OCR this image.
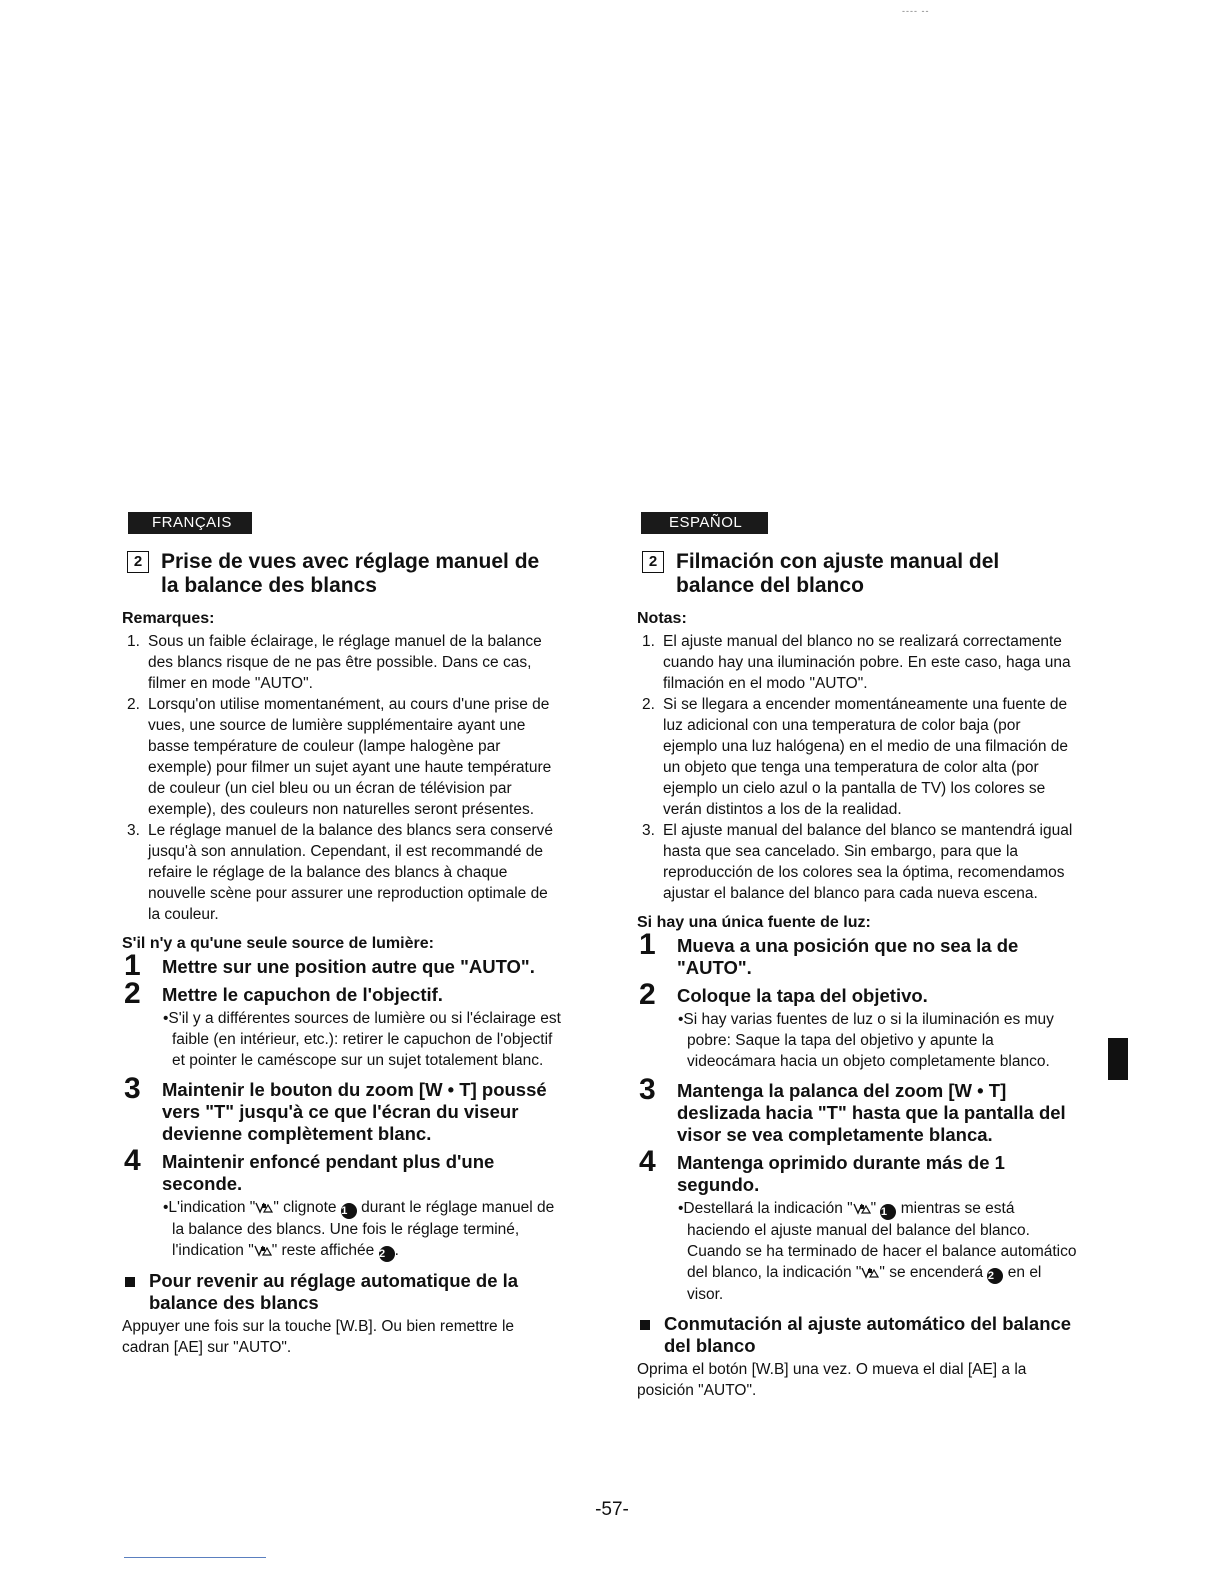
---- --
FRANÇAIS
2 Prise de vues avec réglage manuel de la balance des blancs
Remarques:
1. Sous un faible éclairage, le réglage manuel de la balance des blancs risque de ne pas être possible. Dans ce cas, filmer en mode "AUTO".
2. Lorsqu'on utilise momentanément, au cours d'une prise de vues, une source de lumière supplémentaire ayant une basse température de couleur (lampe halogène par exemple) pour filmer un sujet ayant une haute température de couleur (un ciel bleu ou un écran de télévision par exemple), des couleurs non naturelles seront présentes.
3. Le réglage manuel de la balance des blancs sera conservé jusqu'à son annulation. Cependant, il est recommandé de refaire le réglage de la balance des blancs à chaque nouvelle scène pour assurer une reproduction optimale de la couleur.
S'il n'y a qu'une seule source de lumière:
1 Mettre sur une position autre que "AUTO".
2 Mettre le capuchon de l'objectif.
•S'il y a différentes sources de lumière ou si l'éclairage est faible (en intérieur, etc.): retirer le capuchon de l'objectif et pointer le caméscope sur un sujet totalement blanc.
3 Maintenir le bouton du zoom [W • T] poussé vers "T" jusqu'à ce que l'écran du viseur devienne complètement blanc.
4 Maintenir enfoncé pendant plus d'une seconde.
•L'indication " " clignote 1 durant le réglage manuel de la balance des blancs. Une fois le réglage terminé, l'indication " " reste affichée 2 .
Pour revenir au réglage automatique de la balance des blancs
Appuyer une fois sur la touche [W.B]. Ou bien remettre le cadran [AE] sur "AUTO".
ESPAÑOL
2 Filmación con ajuste manual del balance del blanco
Notas:
1. El ajuste manual del blanco no se realizará correctamente cuando hay una iluminación pobre. En este caso, haga una filmación en el modo "AUTO".
2. Si se llegara a encender momentáneamente una fuente de luz adicional con una temperatura de color baja (por ejemplo una luz halógena) en el medio de una filmación de un objeto que tenga una temperatura de color alta (por ejemplo un cielo azul o la pantalla de TV) los colores se verán distintos a los de la realidad.
3. El ajuste manual del balance del blanco se mantendrá igual hasta que sea cancelado. Sin embargo, para que la reproducción de los colores sea la óptima, recomendamos ajustar el balance del blanco para cada nueva escena.
Si hay una única fuente de luz:
1 Mueva a una posición que no sea la de "AUTO".
2 Coloque la tapa del objetivo.
•Si hay varias fuentes de luz o si la iluminación es muy pobre: Saque la tapa del objetivo y apunte la videocámara hacia un objeto completamente blanco.
3 Mantenga la palanca del zoom [W • T] deslizada hacia "T" hasta que la pantalla del visor se vea completamente blanca.
4 Mantenga oprimido durante más de 1 segundo.
•Destellará la indicación " " 1 mientras se está haciendo el ajuste manual del balance del blanco. Cuando se ha terminado de hacer el balance automático del blanco, la indicación " " se encenderá 2 en el visor.
Conmutación al ajuste automático del balance del blanco
Oprima el botón [W.B] una vez. O mueva el dial [AE] a la posición "AUTO".
-57-
